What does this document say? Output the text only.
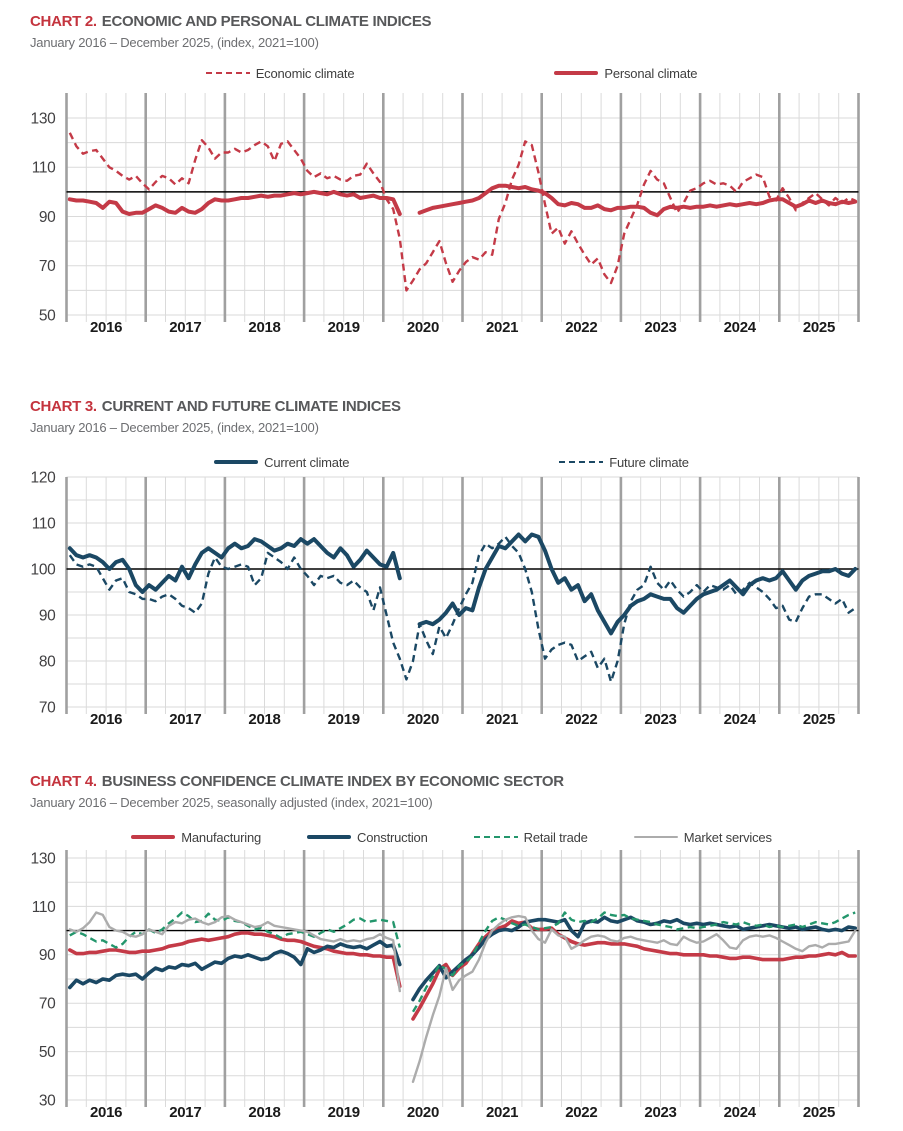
CHART 2. ECONOMIC AND PERSONAL CLIMATE INDICES
January 2016 – December 2025, (index, 2021=100)
Economic climate	Personal climate
50
70
90
110
130
2016	2017	2018	2019	2020	2021	2022	2023	2024	2025
CHART 3. CURRENT AND FUTURE CLIMATE INDICES
January 2016 – December 2025, (index, 2021=100)
Current climate	Future climate
70
80
90
100
110
120
2016	2017	2018	2019	2020	2021	2022	2023	2024	2025
CHART 4. BUSINESS CONFIDENCE CLIMATE INDEX BY ECONOMIC SECTOR
January 2016 – December 2025, seasonally adjusted (index, 2021=100)
Manufacturing	Construction	Retail trade	Market services
30
50
70
90
110
130
2016	2017	2018	2019	2020	2021	2022	2023	2024	2025
